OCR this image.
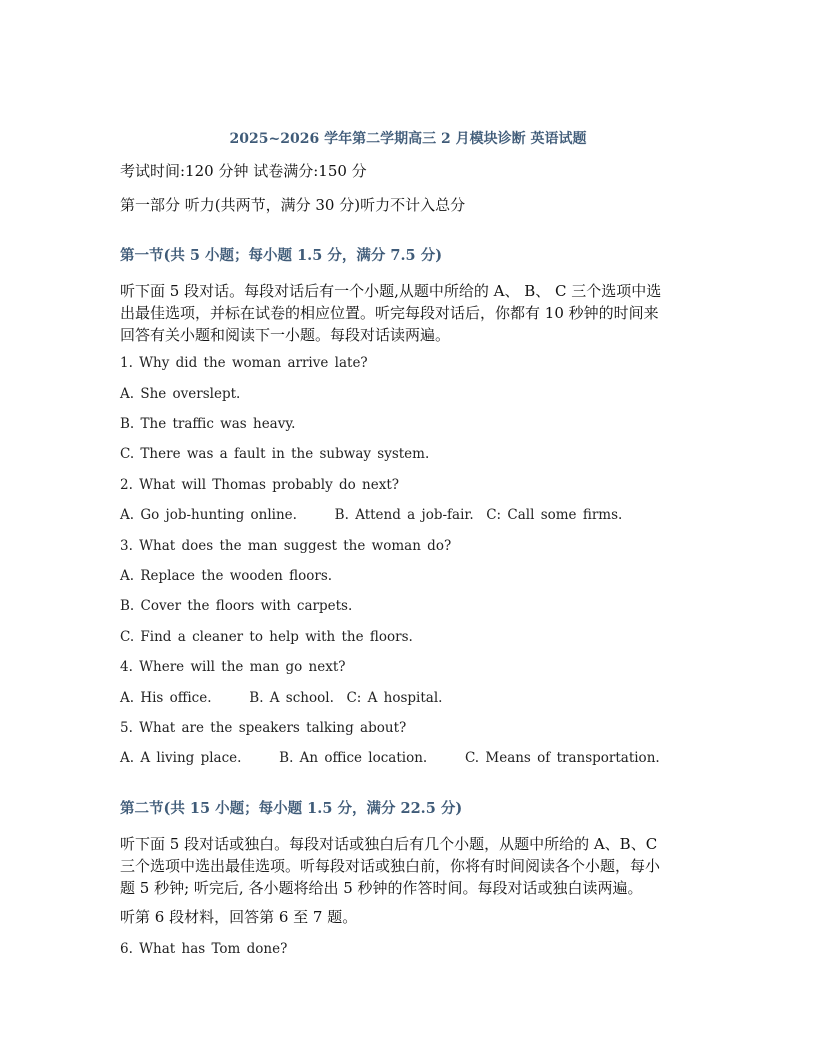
2025~2026 学年第二学期高三 2 月模块诊断 英语试题
考试时间:120 分钟 试卷满分:150 分
第一部分 听力(共两节，满分 30 分)听力不计入总分
第一节(共 5 小题；每小题 1.5 分，满分 7.5 分)
听下面 5 段对话。每段对话后有一个小题,从题中所给的 A、 B、 C 三个选项中选
出最佳选项，并标在试卷的相应位置。听完每段对话后，你都有 10 秒钟的时间来
回答有关小题和阅读下一小题。每段对话读两遍。
1. Why did the woman arrive late?
A. She overslept.
B. The traffic was heavy.
C. There was a fault in the subway system.
2. What will Thomas probably do next?
A. Go job-hunting online.      B. Attend a job-fair.  C: Call some firms.
3. What does the man suggest the woman do?
A. Replace the wooden floors.
B. Cover the floors with carpets.
C. Find a cleaner to help with the floors.
4. Where will the man go next?
A. His office.      B. A school.  C: A hospital.
5. What are the speakers talking about?
A. A living place.      B. An office location.      C. Means of transportation.
第二节(共 15 小题；每小题 1.5 分，满分 22.5 分)
听下面 5 段对话或独白。每段对话或独白后有几个小题，从题中所给的 A、B、C
三个选项中选出最佳选项。听每段对话或独白前，你将有时间阅读各个小题，每小
题 5 秒钟; 听完后, 各小题将给出 5 秒钟的作答时间。每段对话或独白读两遍。
听第 6 段材料，回答第 6 至 7 题。
6. What has Tom done?
